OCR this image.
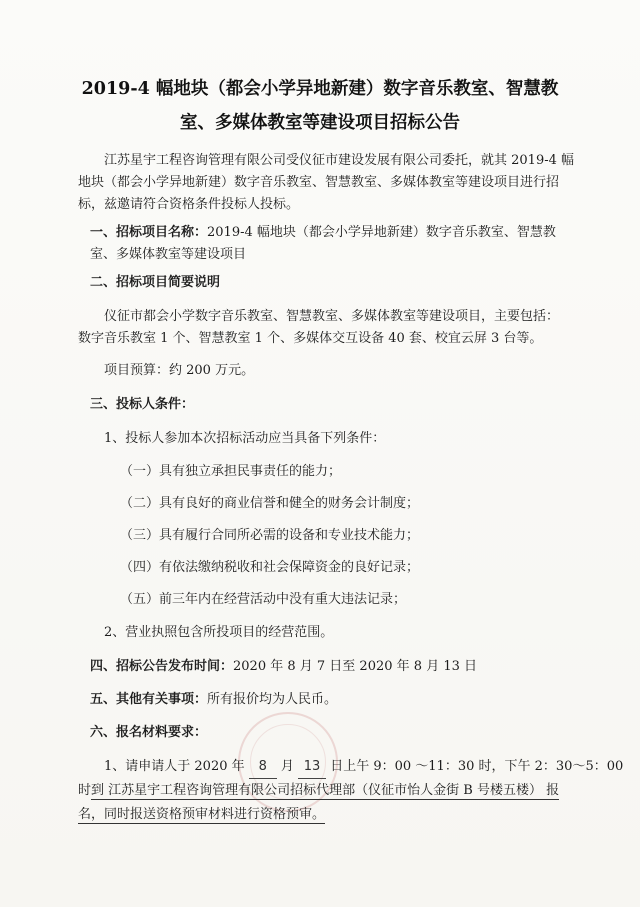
2019-4 幅地块（都会小学异地新建）数字音乐教室、智慧教
室、多媒体教室等建设项目招标公告
江苏星宇工程咨询管理有限公司受仪征市建设发展有限公司委托，就其 2019-4 幅地块（都会小学异地新建）数字音乐教室、智慧教室、多媒体教室等建设项目进行招标，兹邀请符合资格条件投标人投标。
一、招标项目名称：2019-4 幅地块（都会小学异地新建）数字音乐教室、智慧教室、多媒体教室等建设项目
二、招标项目简要说明
仪征市都会小学数字音乐教室、智慧教室、多媒体教室等建设项目，主要包括：
数字音乐教室 1 个、智慧教室 1 个、多媒体交互设备 40 套、校宜云屏 3 台等。
项目预算：约 200 万元。
三、投标人条件：
1、投标人参加本次招标活动应当具备下列条件：
（一）具有独立承担民事责任的能力；
（二）具有良好的商业信誉和健全的财务会计制度；
（三）具有履行合同所必需的设备和专业技术能力；
（四）有依法缴纳税收和社会保障资金的良好记录；
（五）前三年内在经营活动中没有重大违法记录；
2、营业执照包含所投项目的经营范围。
四、招标公告发布时间：2020 年 8 月 7 日至 2020 年 8 月 13 日
五、其他有关事项：所有报价均为人民币。
六、报名材料要求：
1、请申请人于 2020 年 8 月 13 日上午 9：00 ～11：30 时，下午 2：30～5：00
时到 江苏星宇工程咨询管理有限公司招标代理部（仪征市怡人金街 B 号楼五楼） 报
名，同时报送资格预审材料进行资格预审。
